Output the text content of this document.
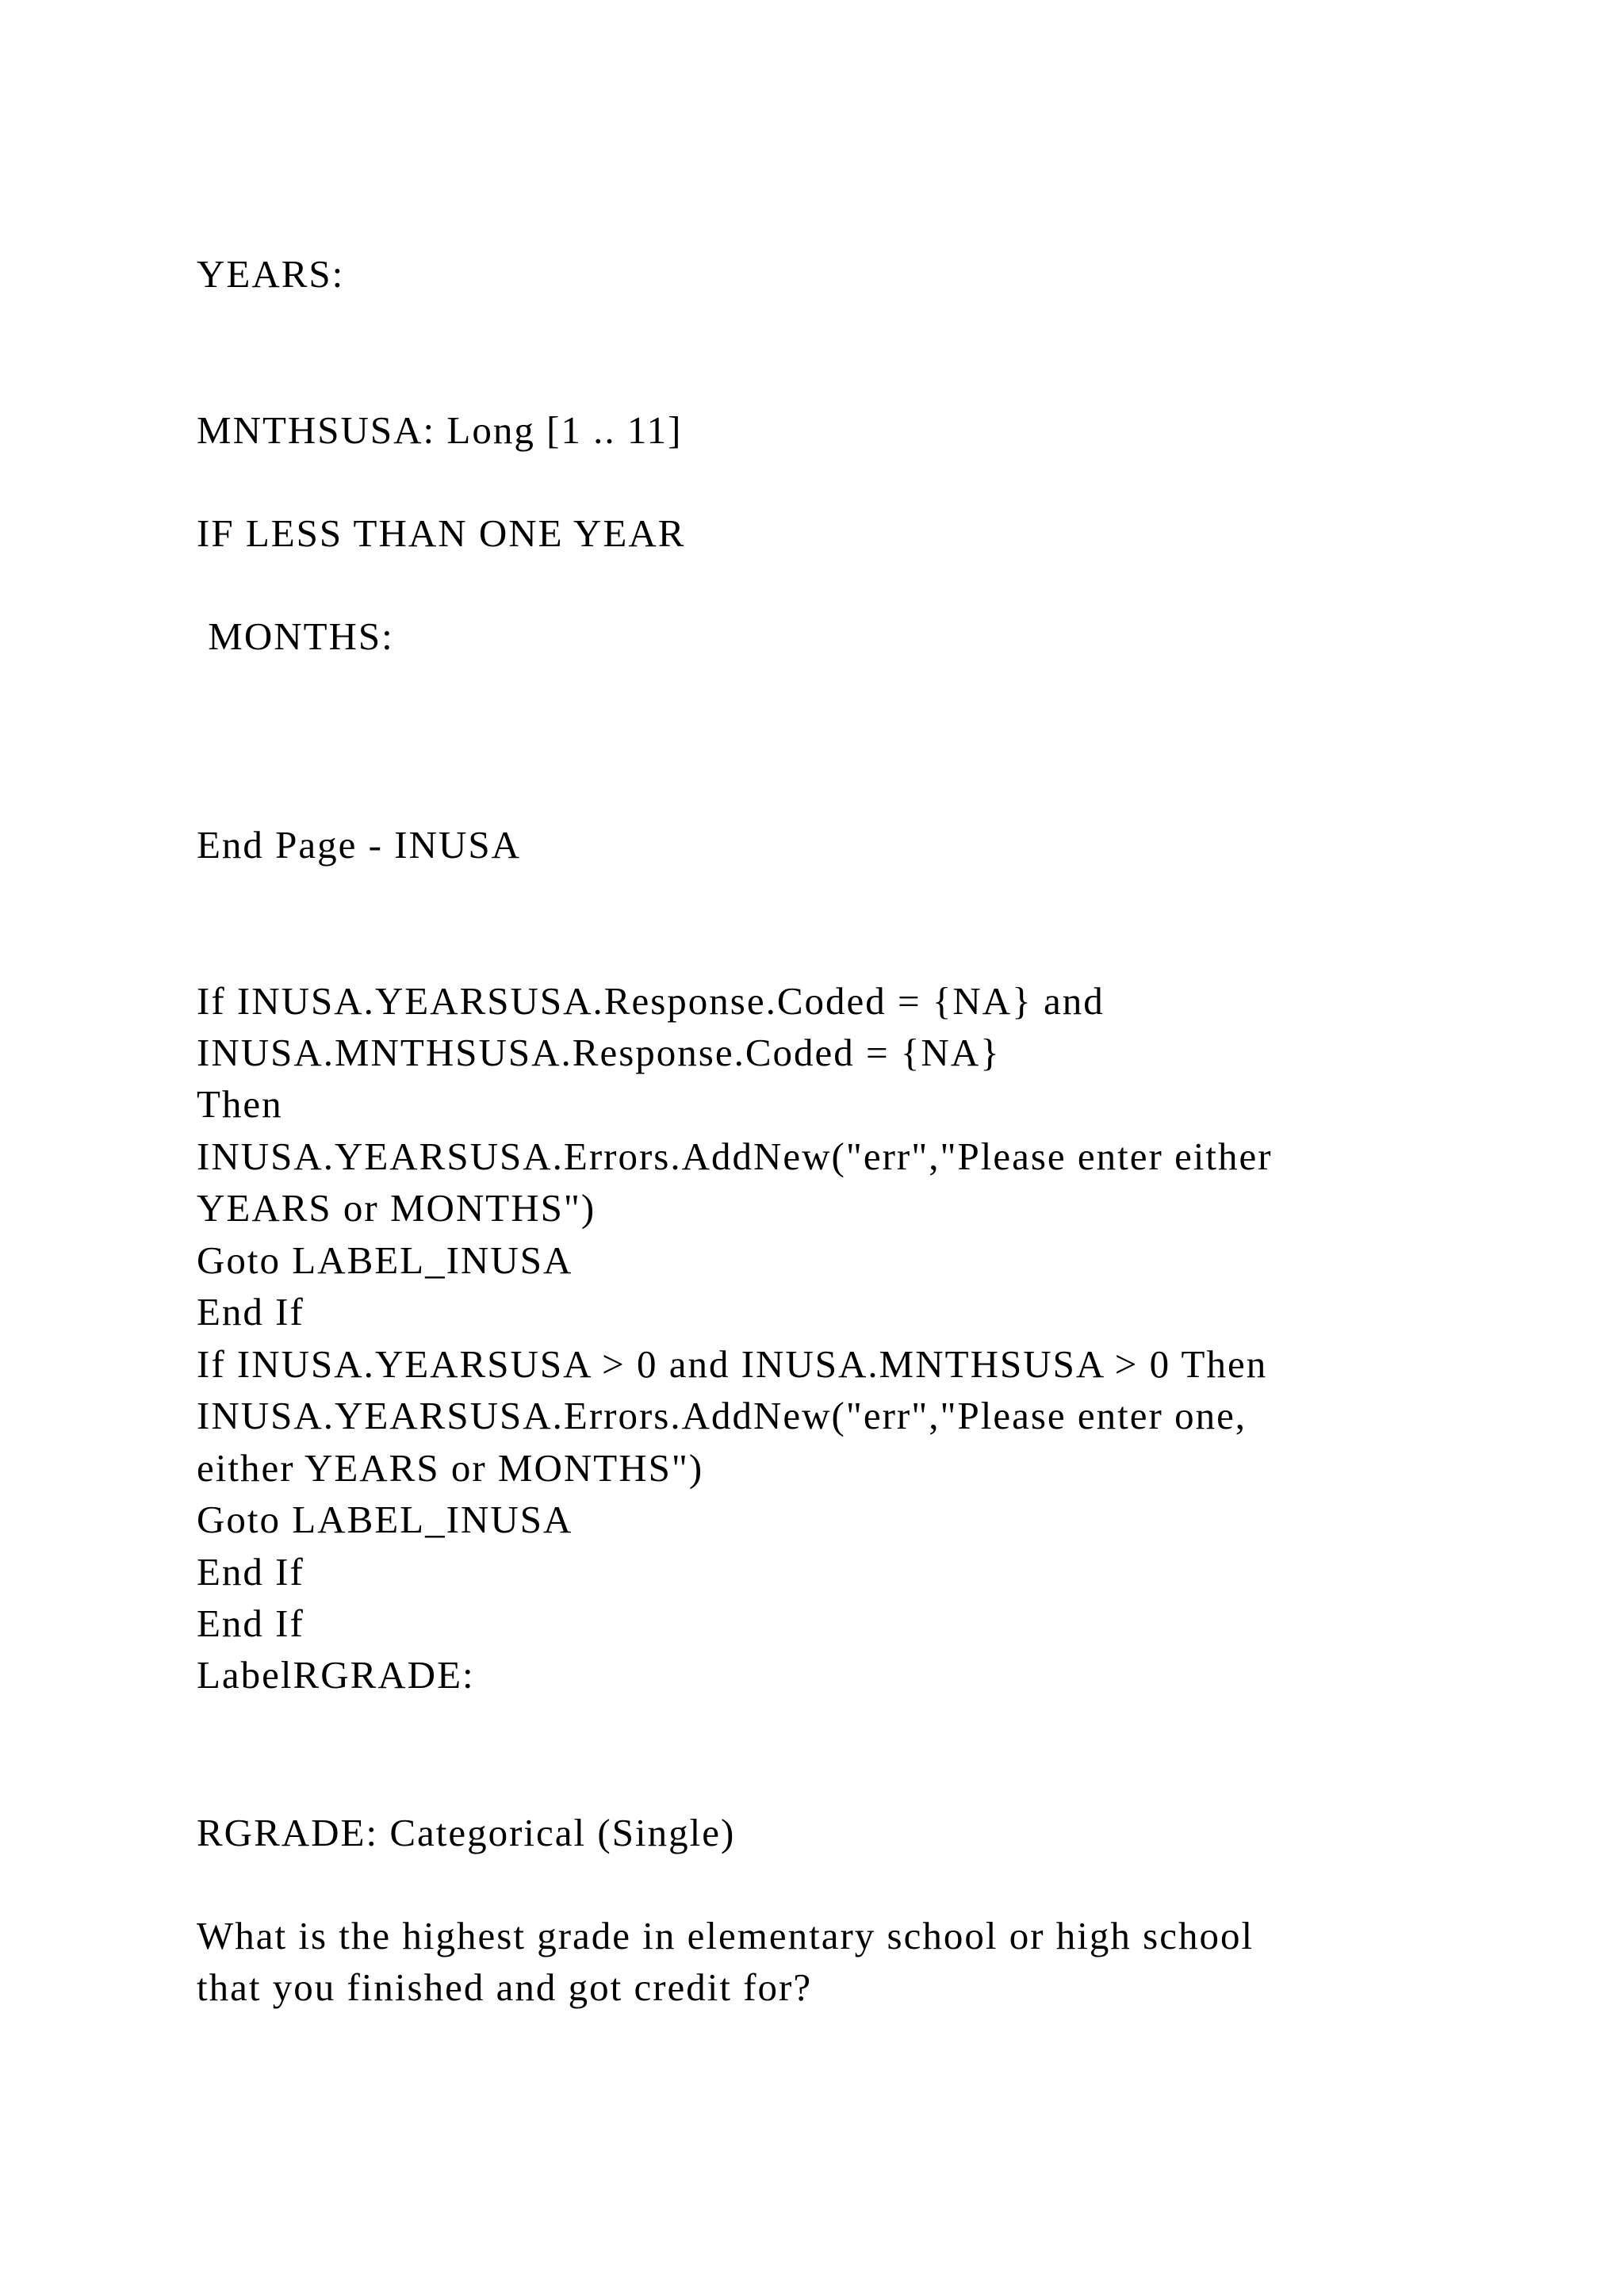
YEARS:

MNTHSUSA: Long [1 .. 11]

IF LESS THAN ONE YEAR

MONTHS:

End Page - INUSA

If INUSA.YEARSUSA.Response.Coded = {NA} and

INUSA.MNTHSUSA.Response.Coded = {NA}

Then

INUSA.YEARSUSA.Errors.AddNew("err","Please enter either

YEARS or MONTHS")

Goto LABEL_INUSA

End If

If INUSA.YEARSUSA > 0 and INUSA.MNTHSUSA > 0 Then

INUSA.YEARSUSA.Errors.AddNew("err","Please enter one,

either YEARS or MONTHS")

Goto LABEL_INUSA

End If

End If

LabelRGRADE:

RGRADE: Categorical (Single)

What is the highest grade in elementary school or high school

that you finished and got credit for?
